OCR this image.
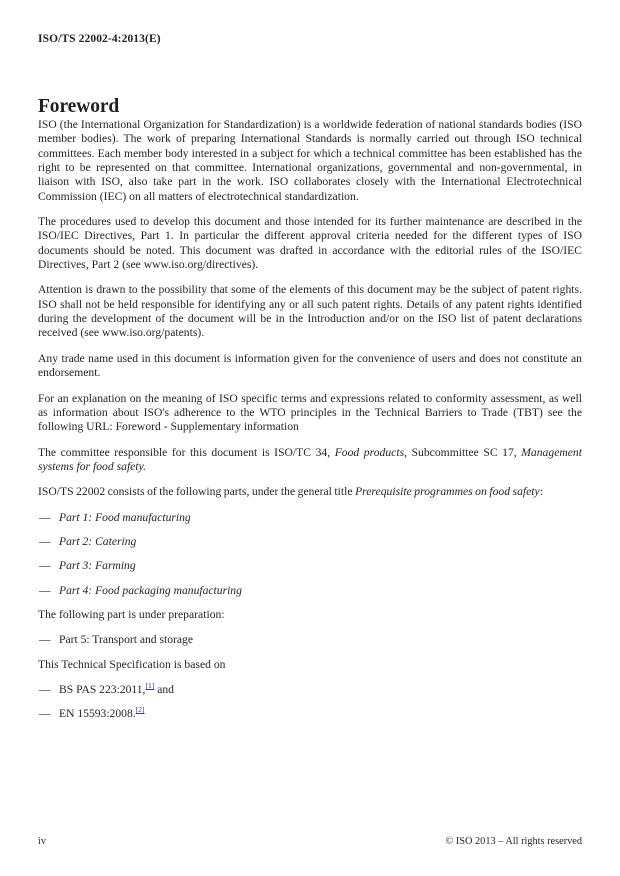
ISO/TS 22002-4:2013(E)
Foreword

ISO (the International Organization for Standardization) is a worldwide federation of national standards bodies (ISO member bodies). The work of preparing International Standards is normally carried out through ISO technical committees. Each member body interested in a subject for which a technical committee has been established has the right to be represented on that committee. International organizations, governmental and non-governmental, in liaison with ISO, also take part in the work. ISO collaborates closely with the International Electrotechnical Commission (IEC) on all matters of electrotechnical standardization.

The procedures used to develop this document and those intended for its further maintenance are described in the ISO/IEC Directives, Part 1. In particular the different approval criteria needed for the different types of ISO documents should be noted. This document was drafted in accordance with the editorial rules of the ISO/IEC Directives, Part 2 (see www.iso.org/directives).

Attention is drawn to the possibility that some of the elements of this document may be the subject of patent rights. ISO shall not be held responsible for identifying any or all such patent rights. Details of any patent rights identified during the development of the document will be in the Introduction and/or on the ISO list of patent declarations received (see www.iso.org/patents).

Any trade name used in this document is information given for the convenience of users and does not constitute an endorsement.

For an explanation on the meaning of ISO specific terms and expressions related to conformity assessment, as well as information about ISO's adherence to the WTO principles in the Technical Barriers to Trade (TBT) see the following URL: Foreword - Supplementary information

The committee responsible for this document is ISO/TC 34, Food products, Subcommittee SC 17, Management systems for food safety.

ISO/TS 22002 consists of the following parts, under the general title Prerequisite programmes on food safety:

— Part 1: Food manufacturing
— Part 2: Catering
— Part 3: Farming
— Part 4: Food packaging manufacturing

The following part is under preparation:

— Part 5: Transport and storage

This Technical Specification is based on

— BS PAS 223:2011,[1] and
— EN 15593:2008.[2]
iv	© ISO 2013 – All rights reserved
